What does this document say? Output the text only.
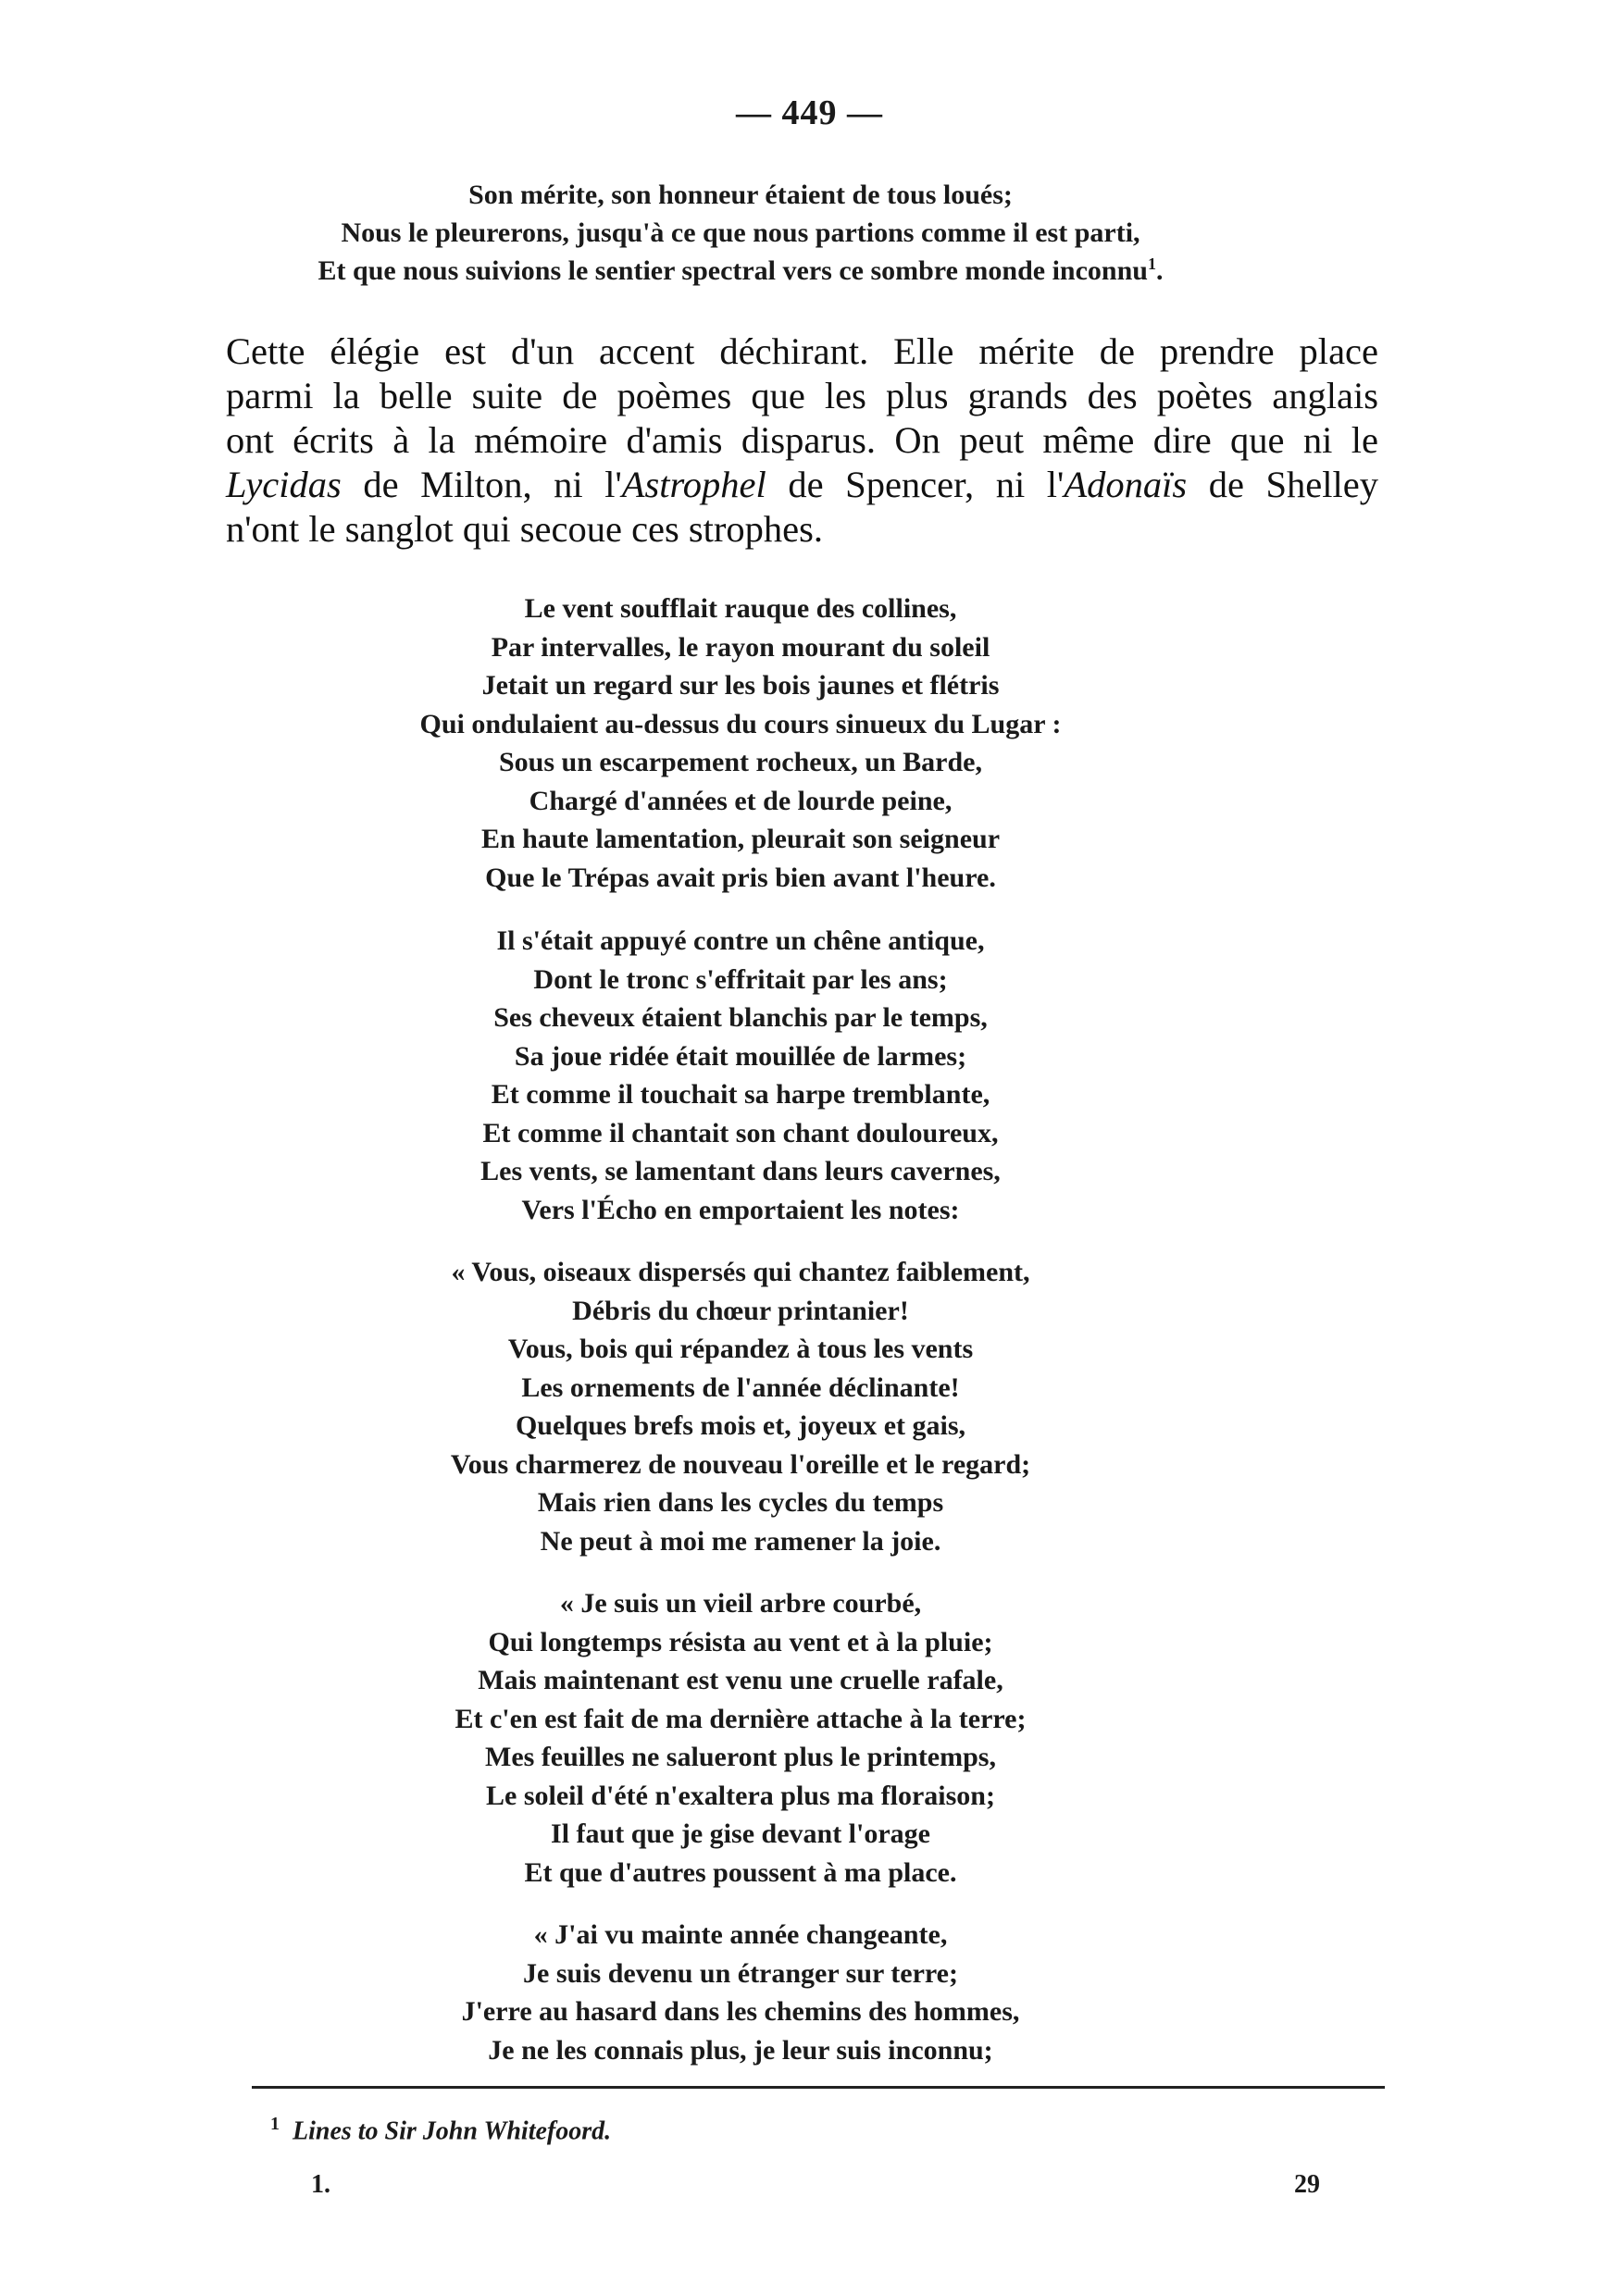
— 449 —
Son mérite, son honneur étaient de tous loués;
Nous le pleurerons, jusqu'à ce que nous partions comme il est parti,
Et que nous suivions le sentier spectral vers ce sombre monde inconnu$^1$.
Cette élégie est d'un accent déchirant. Elle mérite de prendre place
parmi la belle suite de poèmes que les plus grands des poètes anglais
ont écrits à la mémoire d'amis disparus. On peut même dire que ni le
Lycidas de Milton, ni l'Astrophel de Spencer, ni l'Adonaïs de Shelley
n'ont le sanglot qui secoue ces strophes.
Le vent soufflait rauque des collines,
Par intervalles, le rayon mourant du soleil
Jetait un regard sur les bois jaunes et flétris
Qui ondulaient au-dessus du cours sinueux du Lugar :
Sous un escarpement rocheux, un Barde,
Chargé d'années et de lourde peine,
En haute lamentation, pleurait son seigneur
Que le Trépas avait pris bien avant l'heure.
Il s'était appuyé contre un chêne antique,
Dont le tronc s'effritait par les ans;
Ses cheveux étaient blanchis par le temps,
Sa joue ridée était mouillée de larmes;
Et comme il touchait sa harpe tremblante,
Et comme il chantait son chant douloureux,
Les vents, se lamentant dans leurs cavernes,
Vers l'Écho en emportaient les notes:
« Vous, oiseaux dispersés qui chantez faiblement,
Débris du chœur printanier!
Vous, bois qui répandez à tous les vents
Les ornements de l'année déclinante!
Quelques brefs mois et, joyeux et gais,
Vous charmerez de nouveau l'oreille et le regard;
Mais rien dans les cycles du temps
Ne peut à moi me ramener la joie.
« Je suis un vieil arbre courbé,
Qui longtemps résista au vent et à la pluie;
Mais maintenant est venu une cruelle rafale,
Et c'en est fait de ma dernière attache à la terre;
Mes feuilles ne salueront plus le printemps,
Le soleil d'été n'exaltera plus ma floraison;
Il faut que je gise devant l'orage
Et que d'autres poussent à ma place.
« J'ai vu mainte année changeante,
Je suis devenu un étranger sur terre;
J'erre au hasard dans les chemins des hommes,
Je ne les connais plus, je leur suis inconnu;
$^1$ Lines to Sir John Whitefoord.
1.	29
